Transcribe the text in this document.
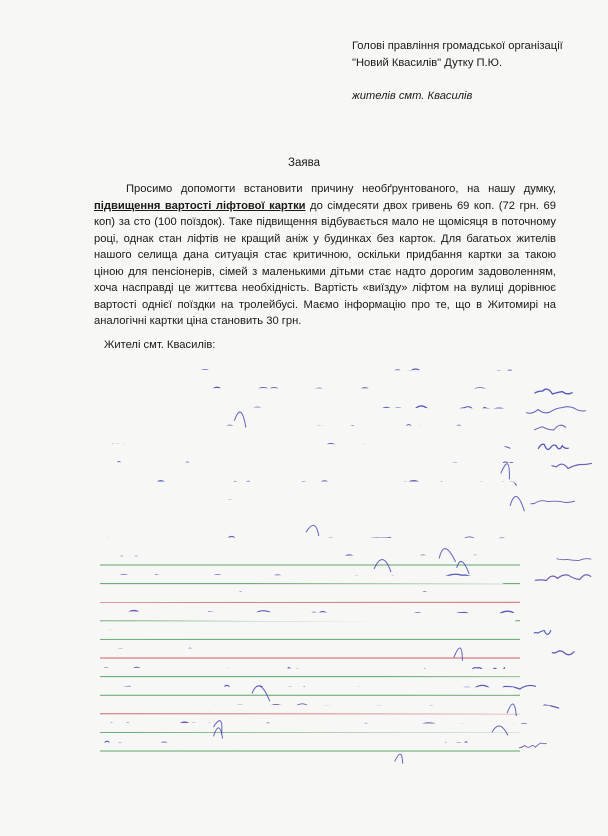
Голові правління громадської організації
"Новий Квасилів" Дутку П.Ю.
жителів смт. Квасилів
Заява
Просимо допомогти встановити причину необґрунтованого, на нашу думку, підвищення вартості ліфтової картки до сімдесяти двох гривень 69 коп. (72 грн. 69 коп) за сто (100 поїздок). Таке підвищення відбувається мало не щомісяця в поточному році, однак стан ліфтів не кращий аніж у будинках без карток. Для багатьох жителів нашого селища дана ситуація стає критичною, оскільки придбання картки за такою ціною для пенсіонерів, сімей з маленькими дітьми стає надто дорогим задоволенням, хоча насправді це життєва необхідність. Вартість «виїзду» ліфтом на вулиці дорівнює вартості однієї поїздки на тролейбусі. Маємо інформацію про те, що в Житомирі на аналогічні картки ціна становить 30 грн.
Жителі смт. Квасилів:
